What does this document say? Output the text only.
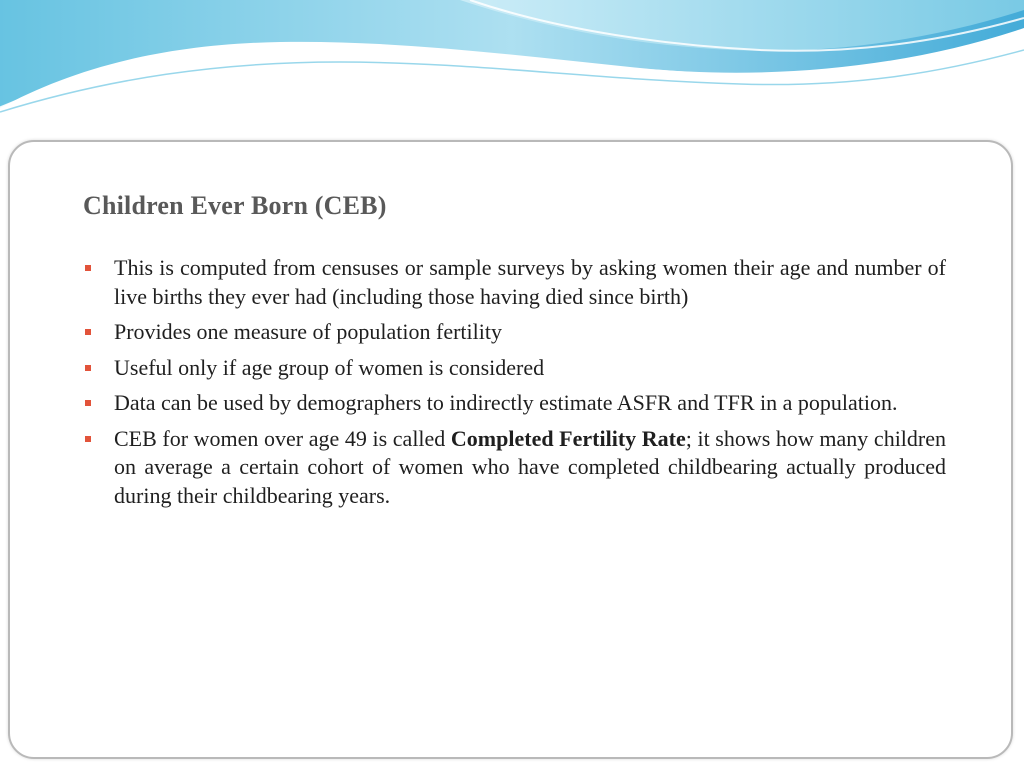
Children Ever Born (CEB)
This is computed from censuses or sample surveys by asking women their age and number of live births they ever had (including those having died since birth)
Provides one measure of population fertility
Useful only if age group of women is considered
Data can be used by demographers to indirectly estimate ASFR and TFR in a population.
CEB for women over age 49 is called Completed Fertility Rate; it shows how many children on average a certain cohort of women who have completed childbearing actually produced during their childbearing years.
